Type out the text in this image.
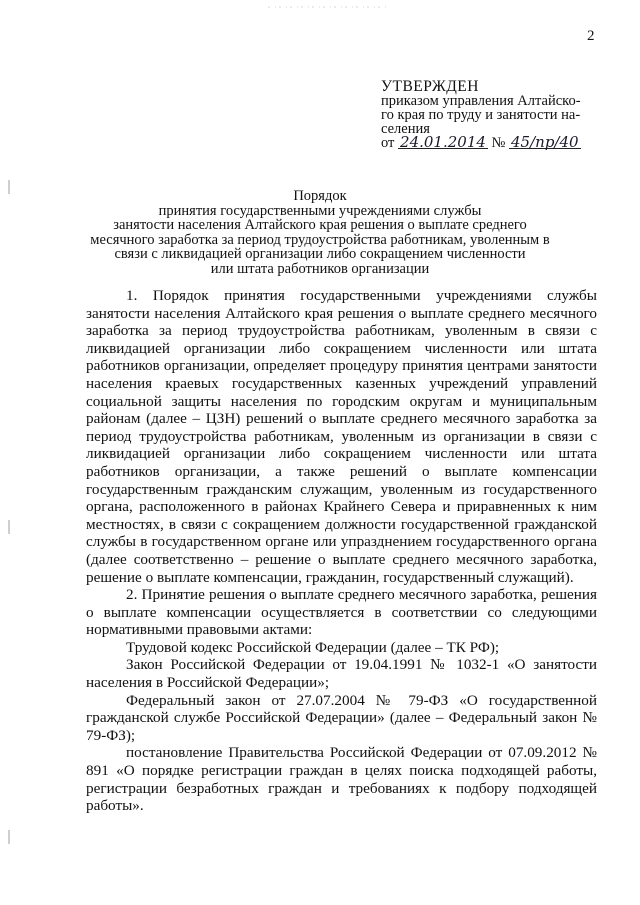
2
УТВЕРЖДЕН
приказом управления Алтайско-
го края по труду и занятости на-
селения
от 24.01.2014 № 45/пр/40
Порядок
принятия государственными учреждениями службы
занятости населения Алтайского края решения о выплате среднего
месячного заработка за период трудоустройства работникам, уволенным в
связи с ликвидацией организации либо сокращением численности
или штата работников организации

1. Порядок принятия государственными учреждениями службы занятости населения Алтайского края решения о выплате среднего месячного заработка за период трудоустройства работникам, уволенным в связи с ликвидацией организации либо сокращением численности или штата работников организации, определяет процедуру принятия центрами занятости населения краевых государственных казенных учреждений управлений социальной защиты населения по городским округам и муниципальным районам (далее – ЦЗН) решений о выплате среднего месячного заработка за период трудоустройства работникам, уволенным из организации в связи с ликвидацией организации либо сокращением численности или штата работников организации, а также решений о выплате компенсации государственным гражданским служащим, уволенным из государственного органа, расположенного в районах Крайнего Севера и приравненных к ним местностях, в связи с сокращением должности государственной гражданской службы в государственном органе или упразднением государственного органа (далее соответственно – решение о выплате среднего месячного заработка, решение о выплате компенсации, гражданин, государственный служащий).

2. Принятие решения о выплате среднего месячного заработка, решения о выплате компенсации осуществляется в соответствии со следующими нормативными правовыми актами:

Трудовой кодекс Российской Федерации (далее – ТК РФ);

Закон Российской Федерации от 19.04.1991 № 1032-1 «О занятости населения в Российской Федерации»;

Федеральный закон от 27.07.2004 № 79-ФЗ «О государственной гражданской службе Российской Федерации» (далее – Федеральный закон № 79-ФЗ);

постановление Правительства Российской Федерации от 07.09.2012 № 891 «О порядке регистрации граждан в целях поиска подходящей работы, регистрации безработных граждан и требованиях к подбору подходящей работы».
